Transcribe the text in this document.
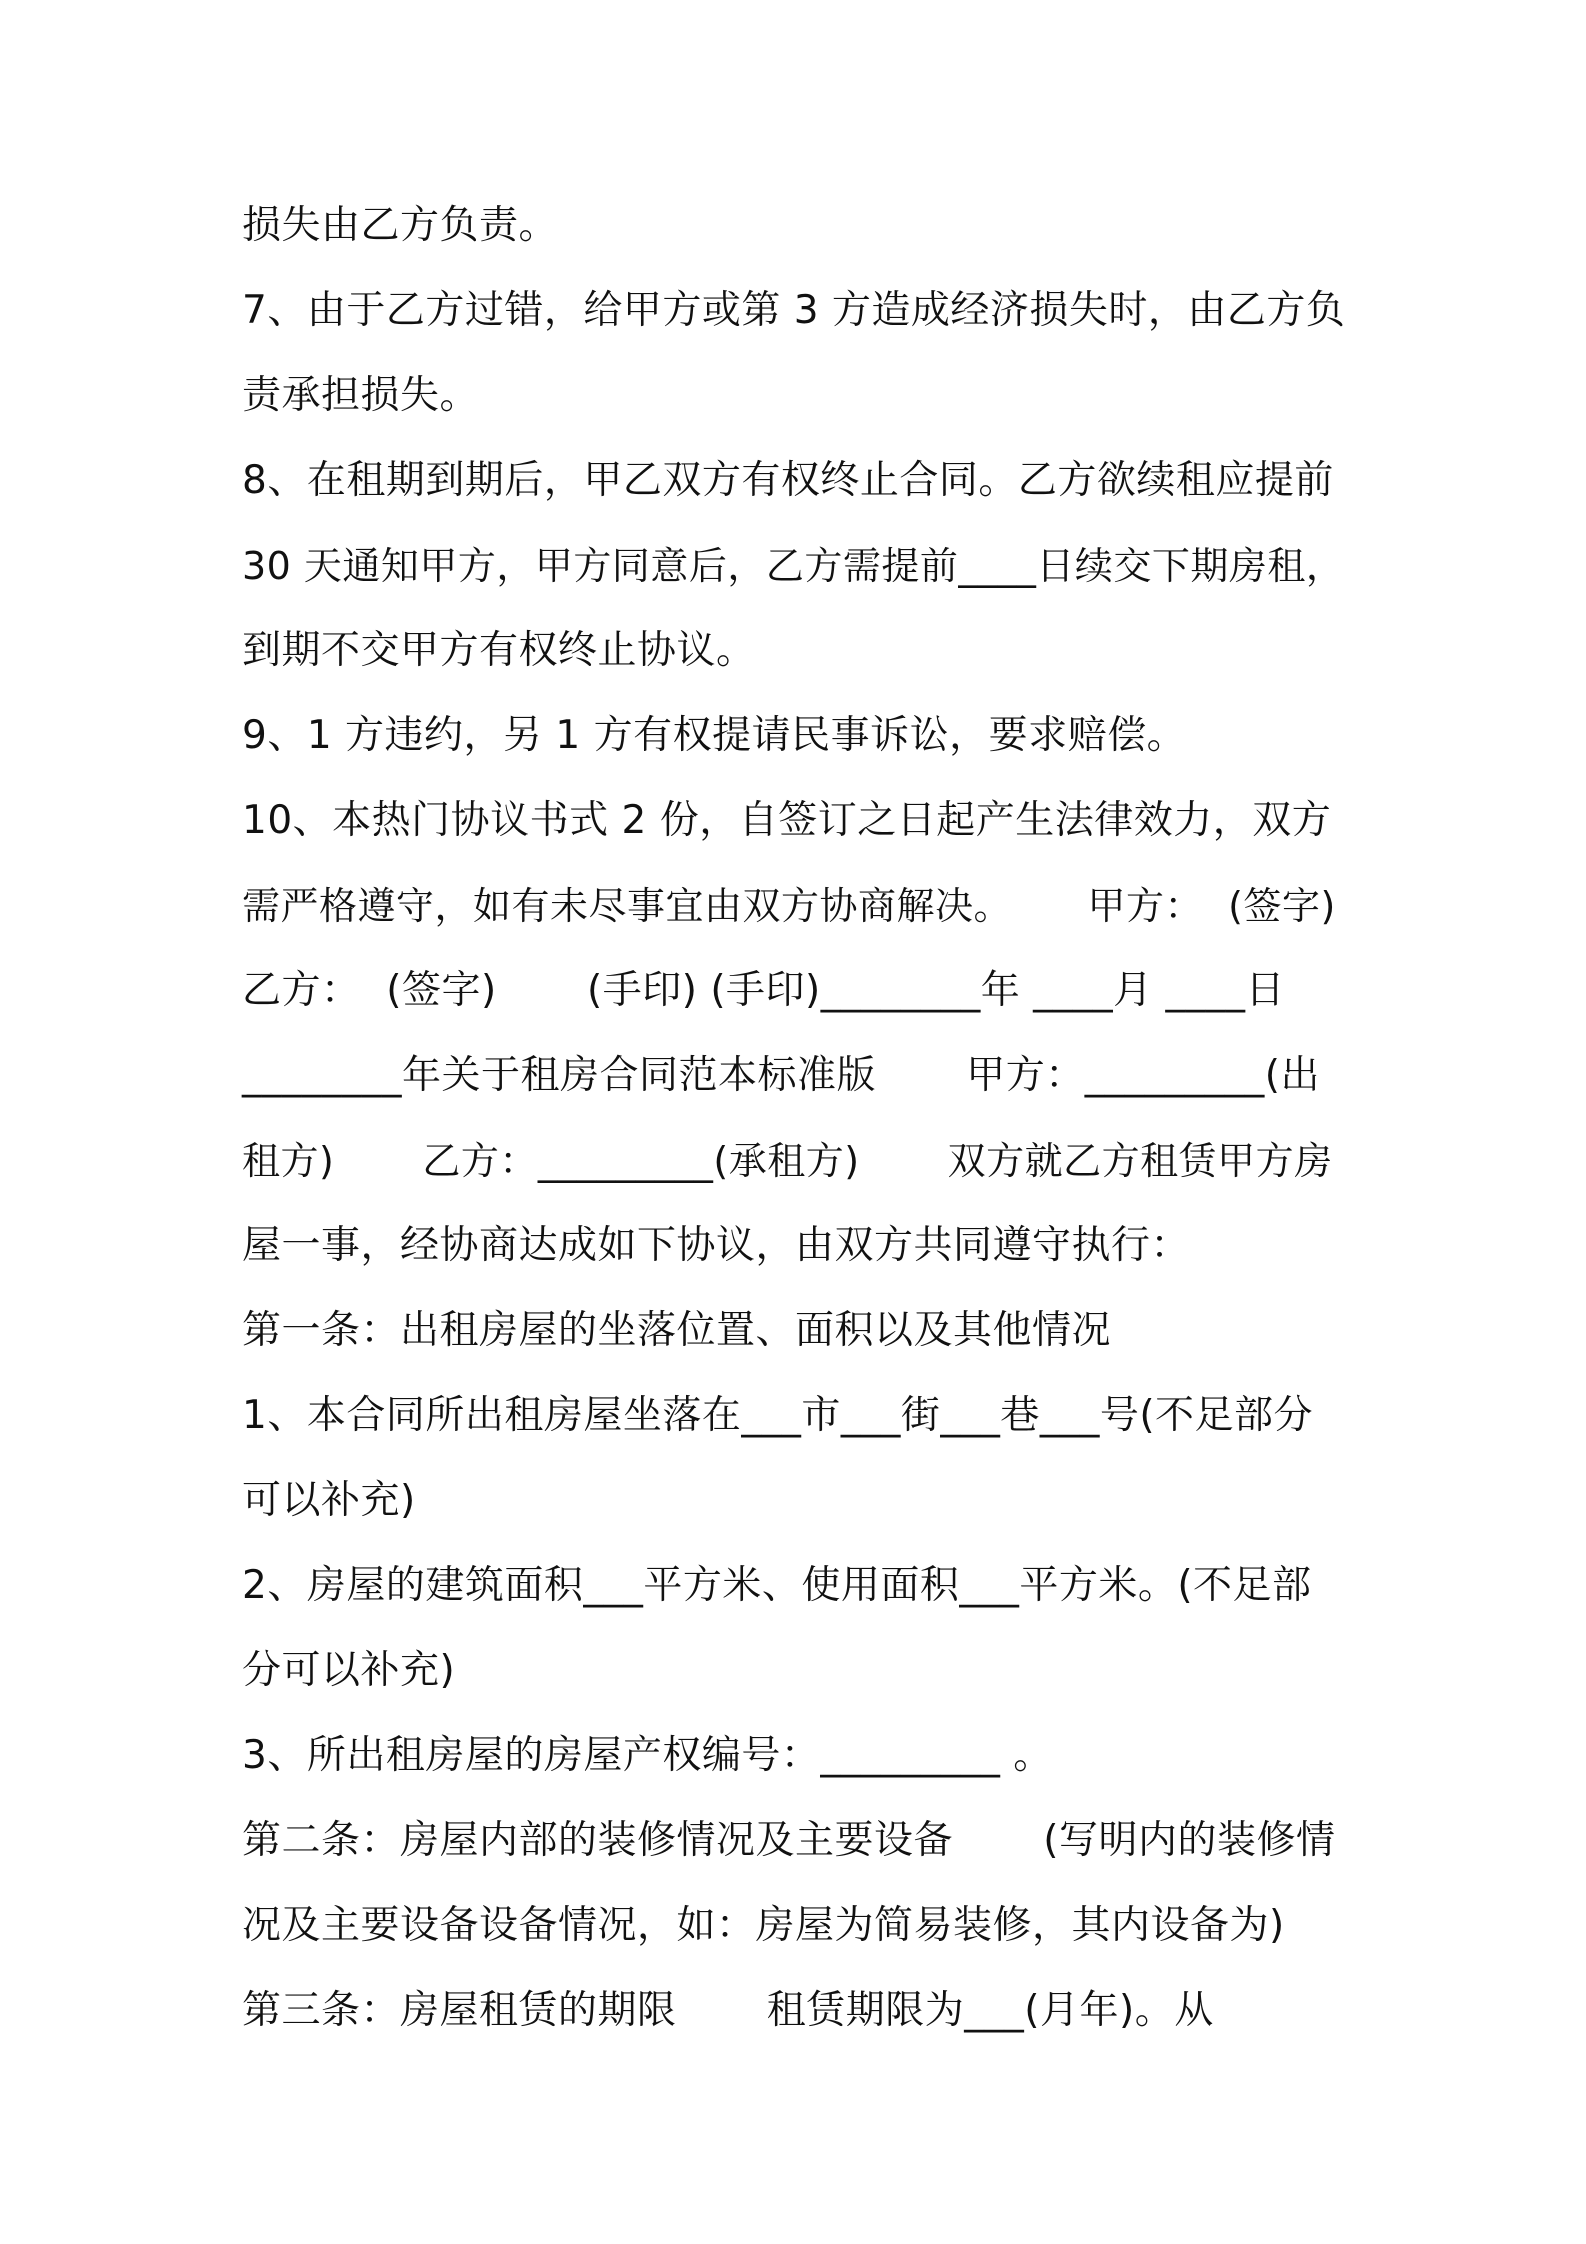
损失由乙方负责。
7、由于乙方过错，给甲方或第 3 方造成经济损失时，由乙方负
责承担损失。
8、在租期到期后，甲乙双方有权终止合同。乙方欲续租应提前
30 天通知甲方，甲方同意后，乙方需提前____日续交下期房租，
到期不交甲方有权终止协议。
9、1 方违约，另 1 方有权提请民事诉讼，要求赔偿。
10、本热门协议书式 2 份，自签订之日起产生法律效力，双方
需严格遵守，如有未尽事宜由双方协商解决。      甲方：  (签字)
乙方：  (签字)       (手印) (手印)________年 ____月 ____日
________年关于租房合同范本标准版       甲方：_________(出
租方)       乙方：_________(承租方)       双方就乙方租赁甲方房
屋一事，经协商达成如下协议，由双方共同遵守执行：
第一条：出租房屋的坐落位置、面积以及其他情况
1、本合同所出租房屋坐落在___市___街___巷___号(不足部分
可以补充)
2、房屋的建筑面积___平方米、使用面积___平方米。(不足部
分可以补充)
3、所出租房屋的房屋产权编号：_________ 。
第二条：房屋内部的装修情况及主要设备       (写明内的装修情
况及主要设备设备情况，如：房屋为简易装修，其内设备为)
第三条：房屋租赁的期限       租赁期限为___(月年)。从
